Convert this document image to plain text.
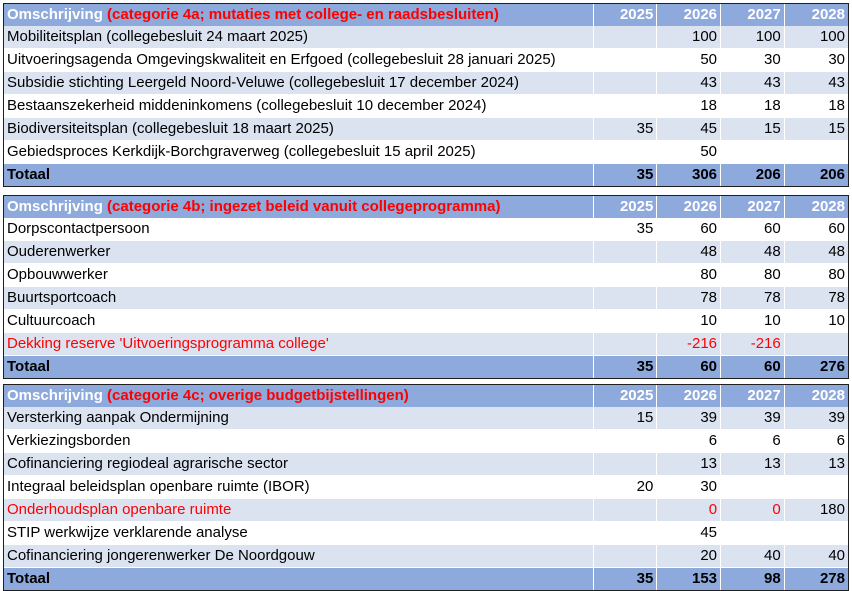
Omschrijving (categorie 4a; mutaties met college- en raadsbesluiten)	2025	2026	2027	2028
Mobiliteitsplan (collegebesluit 24 maart 2025)		100	100	100
Uitvoeringsagenda Omgevingskwaliteit en Erfgoed (collegebesluit 28 januari 2025)		50	30	30
Subsidie stichting Leergeld Noord-Veluwe (collegebesluit 17 december 2024)		43	43	43
Bestaanszekerheid middeninkomens (collegebesluit 10 december 2024)		18	18	18
Biodiversiteitsplan (collegebesluit 18 maart 2025)	35	45	15	15
Gebiedsproces Kerkdijk-Borchgraverweg (collegebesluit 15 april 2025)		50		
Totaal	35	306	206	206
Omschrijving (categorie 4b; ingezet beleid vanuit collegeprogramma)	2025	2026	2027	2028
Dorpscontactpersoon	35	60	60	60
Ouderenwerker		48	48	48
Opbouwwerker		80	80	80
Buurtsportcoach		78	78	78
Cultuurcoach		10	10	10
Dekking reserve 'Uitvoeringsprogramma college'		-216	-216	
Totaal	35	60	60	276
Omschrijving (categorie 4c; overige budgetbijstellingen)	2025	2026	2027	2028
Versterking aanpak Ondermijning	15	39	39	39
Verkiezingsborden		6	6	6
Cofinanciering regiodeal agrarische sector		13	13	13
Integraal beleidsplan openbare ruimte (IBOR)	20	30		
Onderhoudsplan openbare ruimte		0	0	180
STIP werkwijze verklarende analyse		45		
Cofinanciering jongerenwerker De Noordgouw		20	40	40
Totaal	35	153	98	278
